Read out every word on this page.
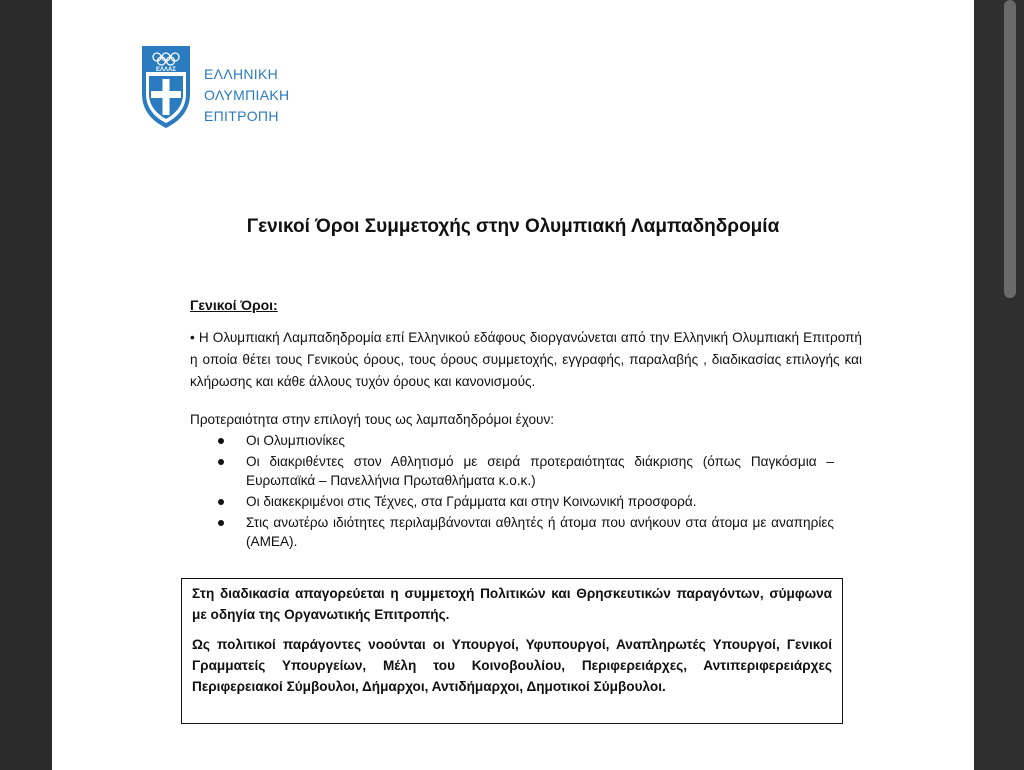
ΕΛΛΑΣ	ΕΛΛΗΝΙΚΗ
ΟΛΥΜΠΙΑΚΗ
ΕΠΙΤΡΟΠΗ
Γενικοί Όροι Συμμετοχής στην Ολυμπιακή Λαμπαδηδρομία
Γενικοί Όροι:
• Η Ολυμπιακή Λαμπαδηδρομία επί Ελληνικού εδάφους διοργανώνεται από την Ελληνική Ολυμπιακή Επιτροπή η οποία θέτει τους Γενικούς όρους, τους όρους συμμετοχής, εγγραφής, παραλαβής , διαδικασίας επιλογής και κλήρωσης και κάθε άλλους τυχόν όρους και κανονισμούς.
Προτεραιότητα στην επιλογή τους ως λαμπαδηδρόμοι έχουν:
Οι Ολυμπιονίκες
Οι διακριθέντες στον Αθλητισμό με σειρά προτεραιότητας διάκρισης (όπως Παγκόσμια – Ευρωπαϊκά – Πανελλήνια Πρωταθλήματα κ.ο.κ.)
Οι διακεκριμένοι στις Τέχνες, στα Γράμματα και στην Κοινωνική προσφορά.
Στις ανωτέρω ιδιότητες περιλαμβάνονται αθλητές ή άτομα που ανήκουν στα άτομα με αναπηρίες (ΑΜΕΑ).

Στη διαδικασία απαγορεύεται η συμμετοχή Πολιτικών και Θρησκευτικών παραγόντων, σύμφωνα με οδηγία της Οργανωτικής Επιτροπής.

Ως πολιτικοί παράγοντες νοούνται οι Υπουργοί, Υφυπουργοί, Αναπληρωτές Υπουργοί, Γενικοί Γραμματείς Υπουργείων, Μέλη του Κοινοβουλίου, Περιφερειάρχες, Αντιπεριφερειάρχες Περιφερειακοί Σύμβουλοι, Δήμαρχοι, Αντιδήμαρχοι, Δημοτικοί Σύμβουλοι.
